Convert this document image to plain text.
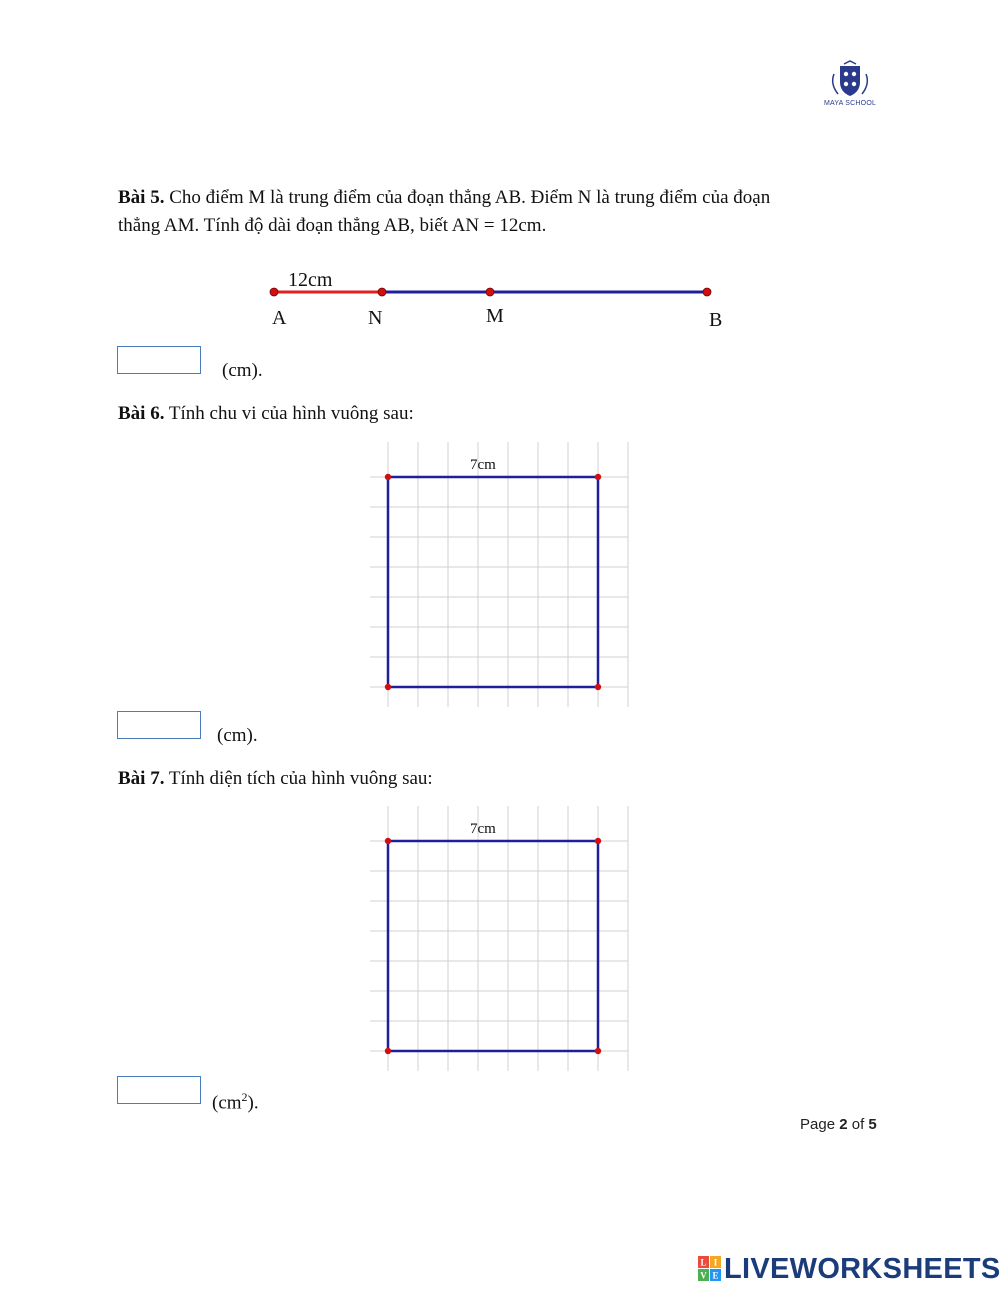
MAYA SCHOOL
Bài 5. Cho điểm M là trung điểm của đoạn thẳng AB. Điểm N là trung điểm của đoạn
thẳng AM. Tính độ dài đoạn thẳng AB, biết AN = 12cm.
12cm
A	N	M	B
(cm).
Bài 6. Tính chu vi của hình vuông sau:
7cm
(cm).
Bài 7. Tính diện tích của hình vuông sau:
7cm
$(cm^2)$.
Page 2 of 5
L I
V E LIVEWORKSHEETS
